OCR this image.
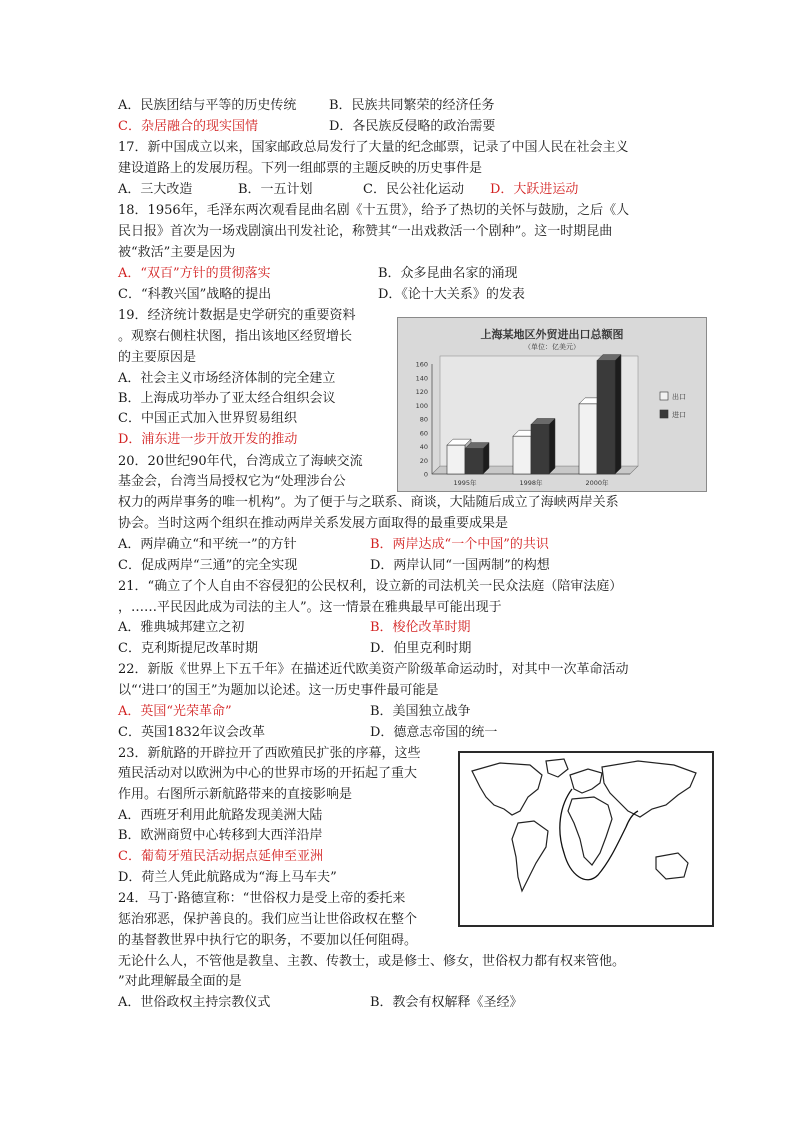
A．民族团结与平等的历史传统	B．民族共同繁荣的经济任务
C．杂居融合的现实国情	D．各民族反侵略的政治需要
17．新中国成立以来，国家邮政总局发行了大量的纪念邮票，记录了中国人民在社会主义
建设道路上的发展历程。下列一组邮票的主题反映的历史事件是
A．三大改造	B．一五计划	C．民公社化运动 D．大跃进运动
18．1956年，毛泽东两次观看昆曲名剧《十五贯》，给予了热切的关怀与鼓励，之后《人
民日报》首次为一场戏剧演出刊发社论，称赞其“一出戏救活一个剧种”。这一时期昆曲
被“救活”主要是因为
A．“双百”方针的贯彻落实	B．众多昆曲名家的涌现
C．“科教兴国”战略的提出	D．《论十大关系》的发表
19．经济统计数据是史学研究的重要资料
。观察右侧柱状图，指出该地区经贸增长
的主要原因是
A．社会主义市场经济体制的完全建立
B．上海成功举办了亚太经合组织会议
C．中国正式加入世界贸易组织
D．浦东进一步开放开发的推动
上海某地区外贸进出口总额图
（单位：亿美元）
0
20
40
60
80
100
120
140
160
1995年	1998年	2000年
出口
进口
20．20世纪90年代，台湾成立了海峡交流
基金会，台湾当局授权它为“处理涉台公
权力的两岸事务的唯一机构”。为了便于与之联系、商谈，大陆随后成立了海峡两岸关系
协会。当时这两个组织在推动两岸关系发展方面取得的最重要成果是
A．两岸确立“和平统一”的方针	B．两岸达成“一个中国”的共识
C．促成两岸“三通”的完全实现	D．两岸认同“一国两制”的构想
21．“确立了个人自由不容侵犯的公民权利，设立新的司法机关一民众法庭（陪审法庭）
，……平民因此成为司法的主人”。这一情景在雅典最早可能出现于
A．雅典城邦建立之初	B．梭伦改革时期
C．克利斯提尼改革时期	D．伯里克利时期
22．新版《世界上下五千年》在描述近代欧美资产阶级革命运动时，对其中一次革命活动
以“‘进口’的国王”为题加以论述。这一历史事件最可能是
A．英国“光荣革命”	B．美国独立战争
C．英国1832年议会改革	D．德意志帝国的统一
23．新航路的开辟拉开了西欧殖民扩张的序幕，这些
殖民活动对以欧洲为中心的世界市场的开拓起了重大
作用。右图所示新航路带来的直接影响是
A．西班牙利用此航路发现美洲大陆
B．欧洲商贸中心转移到大西洋沿岸
C．葡萄牙殖民活动据点延伸至亚洲
D．荷兰人凭此航路成为“海上马车夫”
24．马丁·路德宣称：“世俗权力是受上帝的委托来
惩治邪恶，保护善良的。我们应当让世俗政权在整个
的基督教世界中执行它的职务，不要加以任何阻碍。
无论什么人，不管他是教皇、主教、传教士，或是修士、修女，世俗权力都有权来管他。
”对此理解最全面的是
A．世俗政权主持宗教仪式	B．教会有权解释《圣经》
